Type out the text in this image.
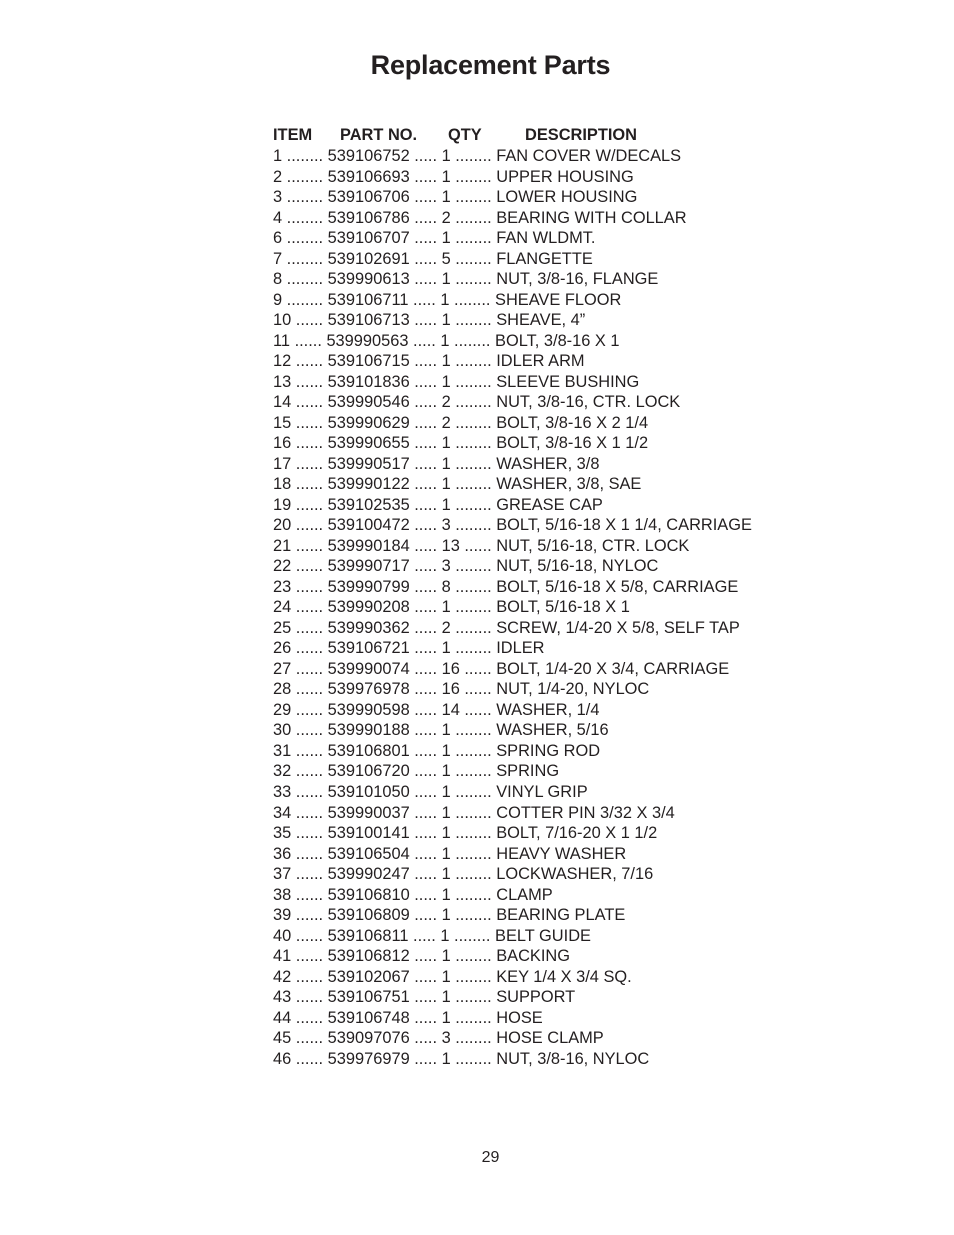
Replacement Parts
ITEM PART NO. QTY	DESCRIPTION
1 ........ 539106752 ..... 1 ........ FAN COVER W/DECALS
2 ........ 539106693 ..... 1 ........ UPPER HOUSING
3 ........ 539106706 ..... 1 ........ LOWER HOUSING
4 ........ 539106786 ..... 2 ........ BEARING WITH COLLAR
6 ........ 539106707 ..... 1 ........ FAN WLDMT.
7 ........ 539102691 ..... 5 ........ FLANGETTE
8 ........ 539990613 ..... 1 ........ NUT, 3/8-16, FLANGE
9 ........ 539106711 ..... 1 ........ SHEAVE FLOOR
10 ...... 539106713 ..... 1 ........ SHEAVE, 4”
11 ...... 539990563 ..... 1 ........ BOLT, 3/8-16 X 1
12 ...... 539106715 ..... 1 ........ IDLER ARM
13 ...... 539101836 ..... 1 ........ SLEEVE BUSHING
14 ...... 539990546 ..... 2 ........ NUT, 3/8-16, CTR. LOCK
15 ...... 539990629 ..... 2 ........ BOLT, 3/8-16 X 2 1/4
16 ...... 539990655 ..... 1 ........ BOLT, 3/8-16 X 1 1/2
17 ...... 539990517 ..... 1 ........ WASHER, 3/8
18 ...... 539990122 ..... 1 ........ WASHER, 3/8, SAE
19 ...... 539102535 ..... 1 ........ GREASE CAP
20 ...... 539100472 ..... 3 ........ BOLT, 5/16-18 X 1 1/4, CARRIAGE
21 ...... 539990184 ..... 13 ...... NUT, 5/16-18, CTR. LOCK
22 ...... 539990717 ..... 3 ........ NUT, 5/16-18, NYLOC
23 ...... 539990799 ..... 8 ........ BOLT, 5/16-18 X 5/8, CARRIAGE
24 ...... 539990208 ..... 1 ........ BOLT, 5/16-18 X 1
25 ...... 539990362 ..... 2 ........ SCREW, 1/4-20 X 5/8, SELF TAP
26 ...... 539106721 ..... 1 ........ IDLER
27 ...... 539990074 ..... 16 ...... BOLT, 1/4-20 X 3/4, CARRIAGE
28 ...... 539976978 ..... 16 ...... NUT, 1/4-20, NYLOC
29 ...... 539990598 ..... 14 ...... WASHER, 1/4
30 ...... 539990188 ..... 1 ........ WASHER, 5/16
31 ...... 539106801 ..... 1 ........ SPRING ROD
32 ...... 539106720 ..... 1 ........ SPRING
33 ...... 539101050 ..... 1 ........ VINYL GRIP
34 ...... 539990037 ..... 1 ........ COTTER PIN 3/32 X 3/4
35 ...... 539100141 ..... 1 ........ BOLT, 7/16-20 X 1 1/2
36 ...... 539106504 ..... 1 ........ HEAVY WASHER
37 ...... 539990247 ..... 1 ........ LOCKWASHER, 7/16
38 ...... 539106810 ..... 1 ........ CLAMP
39 ...... 539106809 ..... 1 ........ BEARING PLATE
40 ...... 539106811 ..... 1 ........ BELT GUIDE
41 ...... 539106812 ..... 1 ........ BACKING
42 ...... 539102067 ..... 1 ........ KEY 1/4 X 3/4 SQ.
43 ...... 539106751 ..... 1 ........ SUPPORT
44 ...... 539106748 ..... 1 ........ HOSE
45 ...... 539097076 ..... 3 ........ HOSE CLAMP
46 ...... 539976979 ..... 1 ........ NUT, 3/8-16, NYLOC
29
